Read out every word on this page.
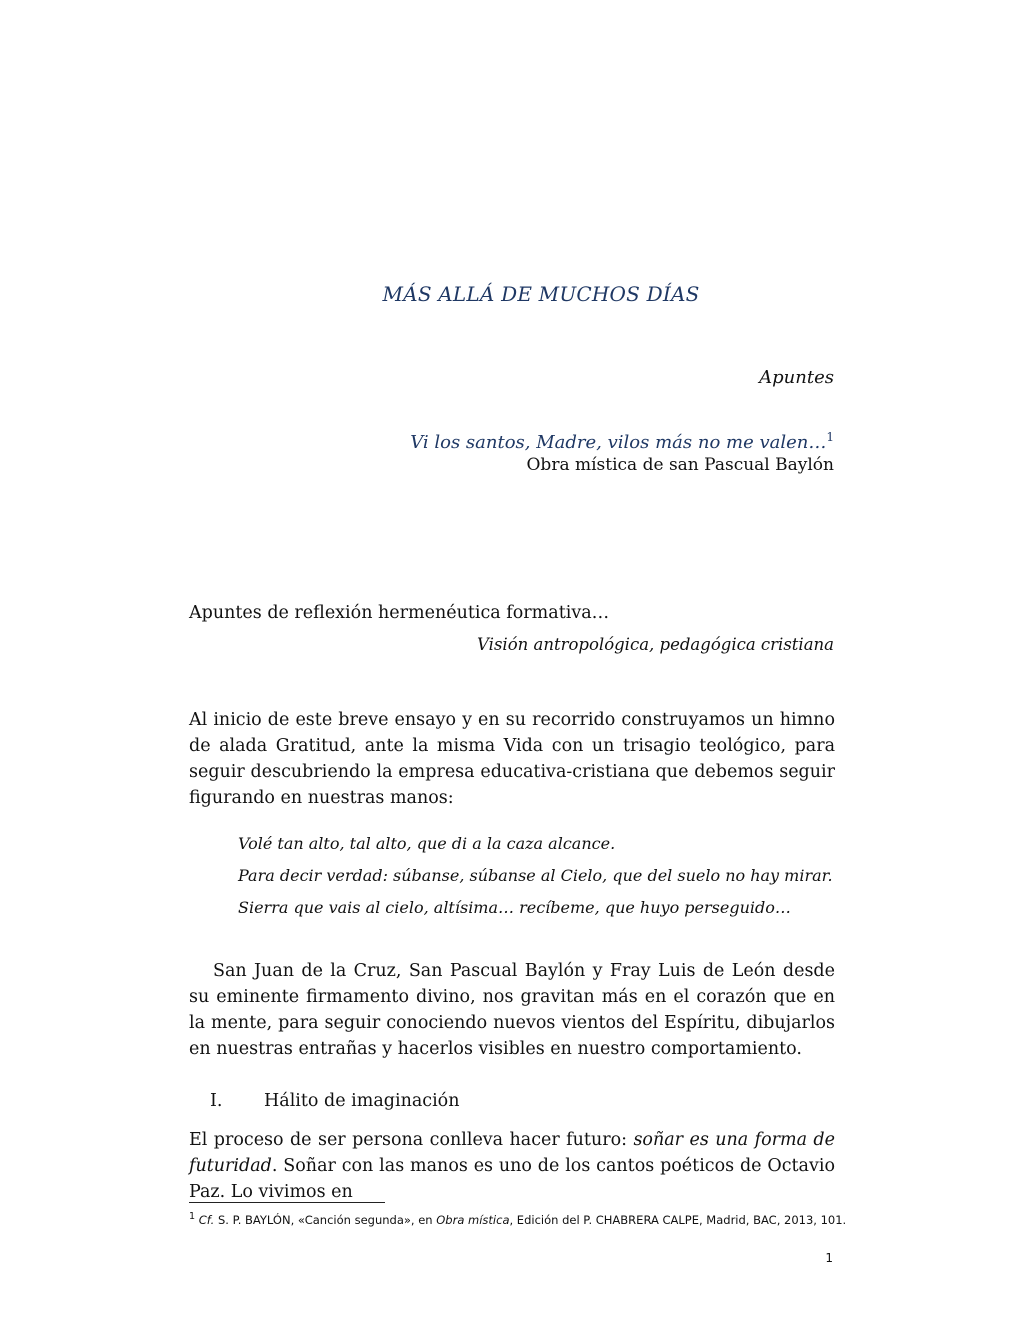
MÁS ALLÁ DE MUCHOS DÍAS
Apuntes
Vi los santos, Madre, vilos más no me valen…$^1$
Obra mística de san Pascual Baylón
Apuntes de reflexión hermenéutica formativa…
Visión antropológica, pedagógica cristiana
Al inicio de este breve ensayo y en su recorrido construyamos un himno de alada Gratitud, ante la misma Vida con un trisagio teológico, para seguir descubriendo la empresa educativa-cristiana que debemos seguir figurando en nuestras manos:
Volé tan alto, tal alto, que di a la caza alcance.
Para decir verdad: súbanse, súbanse al Cielo, que del suelo no hay mirar.
Sierra que vais al cielo, altísima… recíbeme, que huyo perseguido…
San Juan de la Cruz, San Pascual Baylón y Fray Luis de León desde su eminente firmamento divino, nos gravitan más en el corazón que en la mente, para seguir conociendo nuevos vientos del Espíritu, dibujarlos en nuestras entrañas y hacerlos visibles en nuestro comportamiento.
I. Hálito de imaginación
El proceso de ser persona conlleva hacer futuro: soñar es una forma de futuridad. Soñar con las manos es uno de los cantos poéticos de Octavio Paz. Lo vivimos en
$^1$ Cf. S. P. BAYLÓN, «Canción segunda», en Obra mística, Edición del P. CHABRERA CALPE, Madrid, BAC, 2013, 101.
1
